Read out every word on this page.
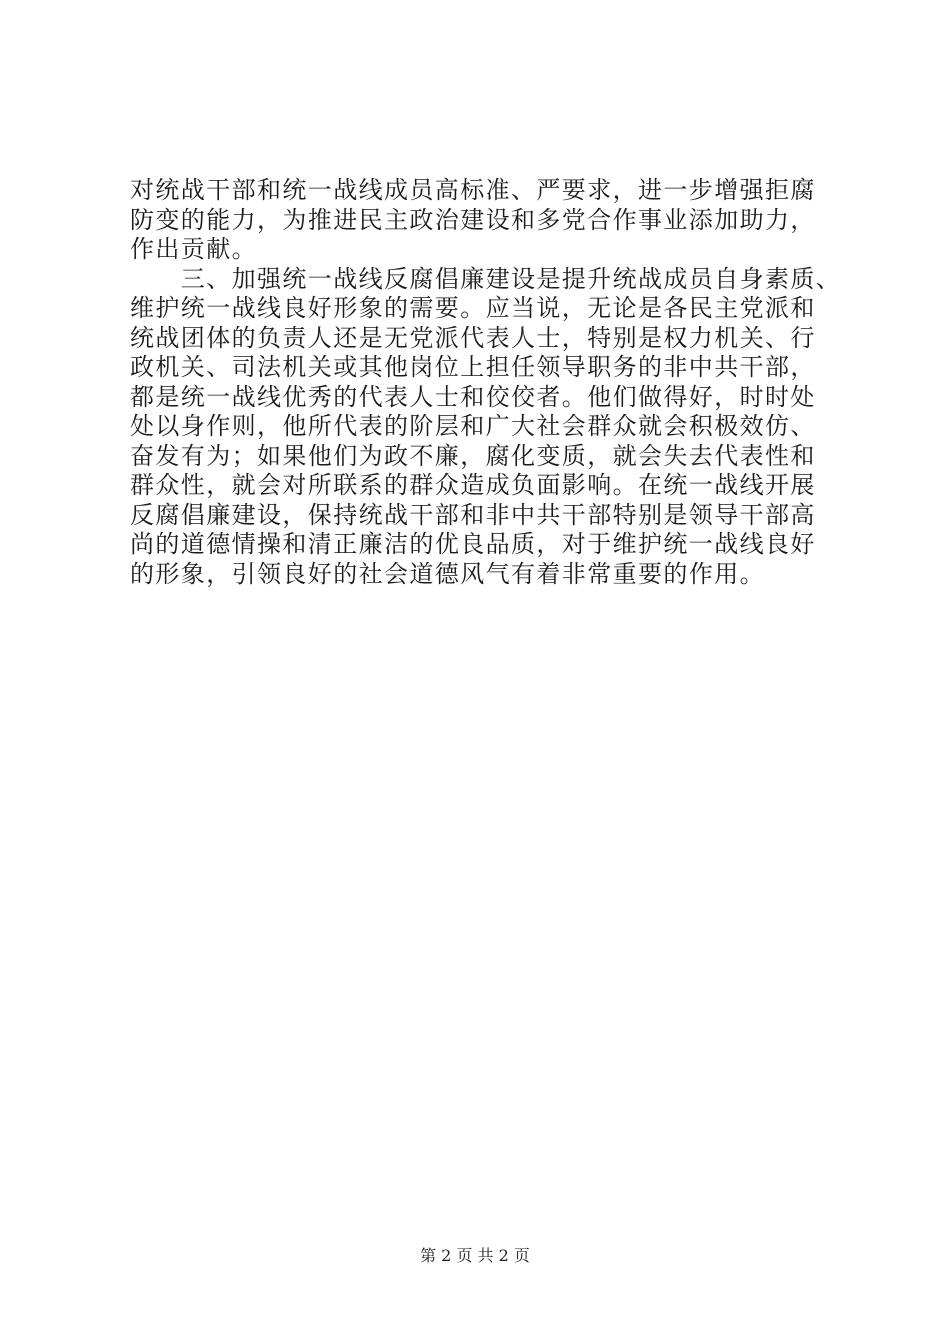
对统战干部和统一战线成员高标准、严要求，进一步增强拒腐
防变的能力，为推进民主政治建设和多党合作事业添加助力，
作出贡献。
　　三、加强统一战线反腐倡廉建设是提升统战成员自身素质、
维护统一战线良好形象的需要。应当说，无论是各民主党派和
统战团体的负责人还是无党派代表人士，特别是权力机关、行
政机关、司法机关或其他岗位上担任领导职务的非中共干部，
都是统一战线优秀的代表人士和佼佼者。他们做得好，时时处
处以身作则，他所代表的阶层和广大社会群众就会积极效仿、
奋发有为；如果他们为政不廉，腐化变质，就会失去代表性和
群众性，就会对所联系的群众造成负面影响。在统一战线开展
反腐倡廉建设，保持统战干部和非中共干部特别是领导干部高
尚的道德情操和清正廉洁的优良品质，对于维护统一战线良好
的形象，引领良好的社会道德风气有着非常重要的作用。
第 2 页 共 2 页
